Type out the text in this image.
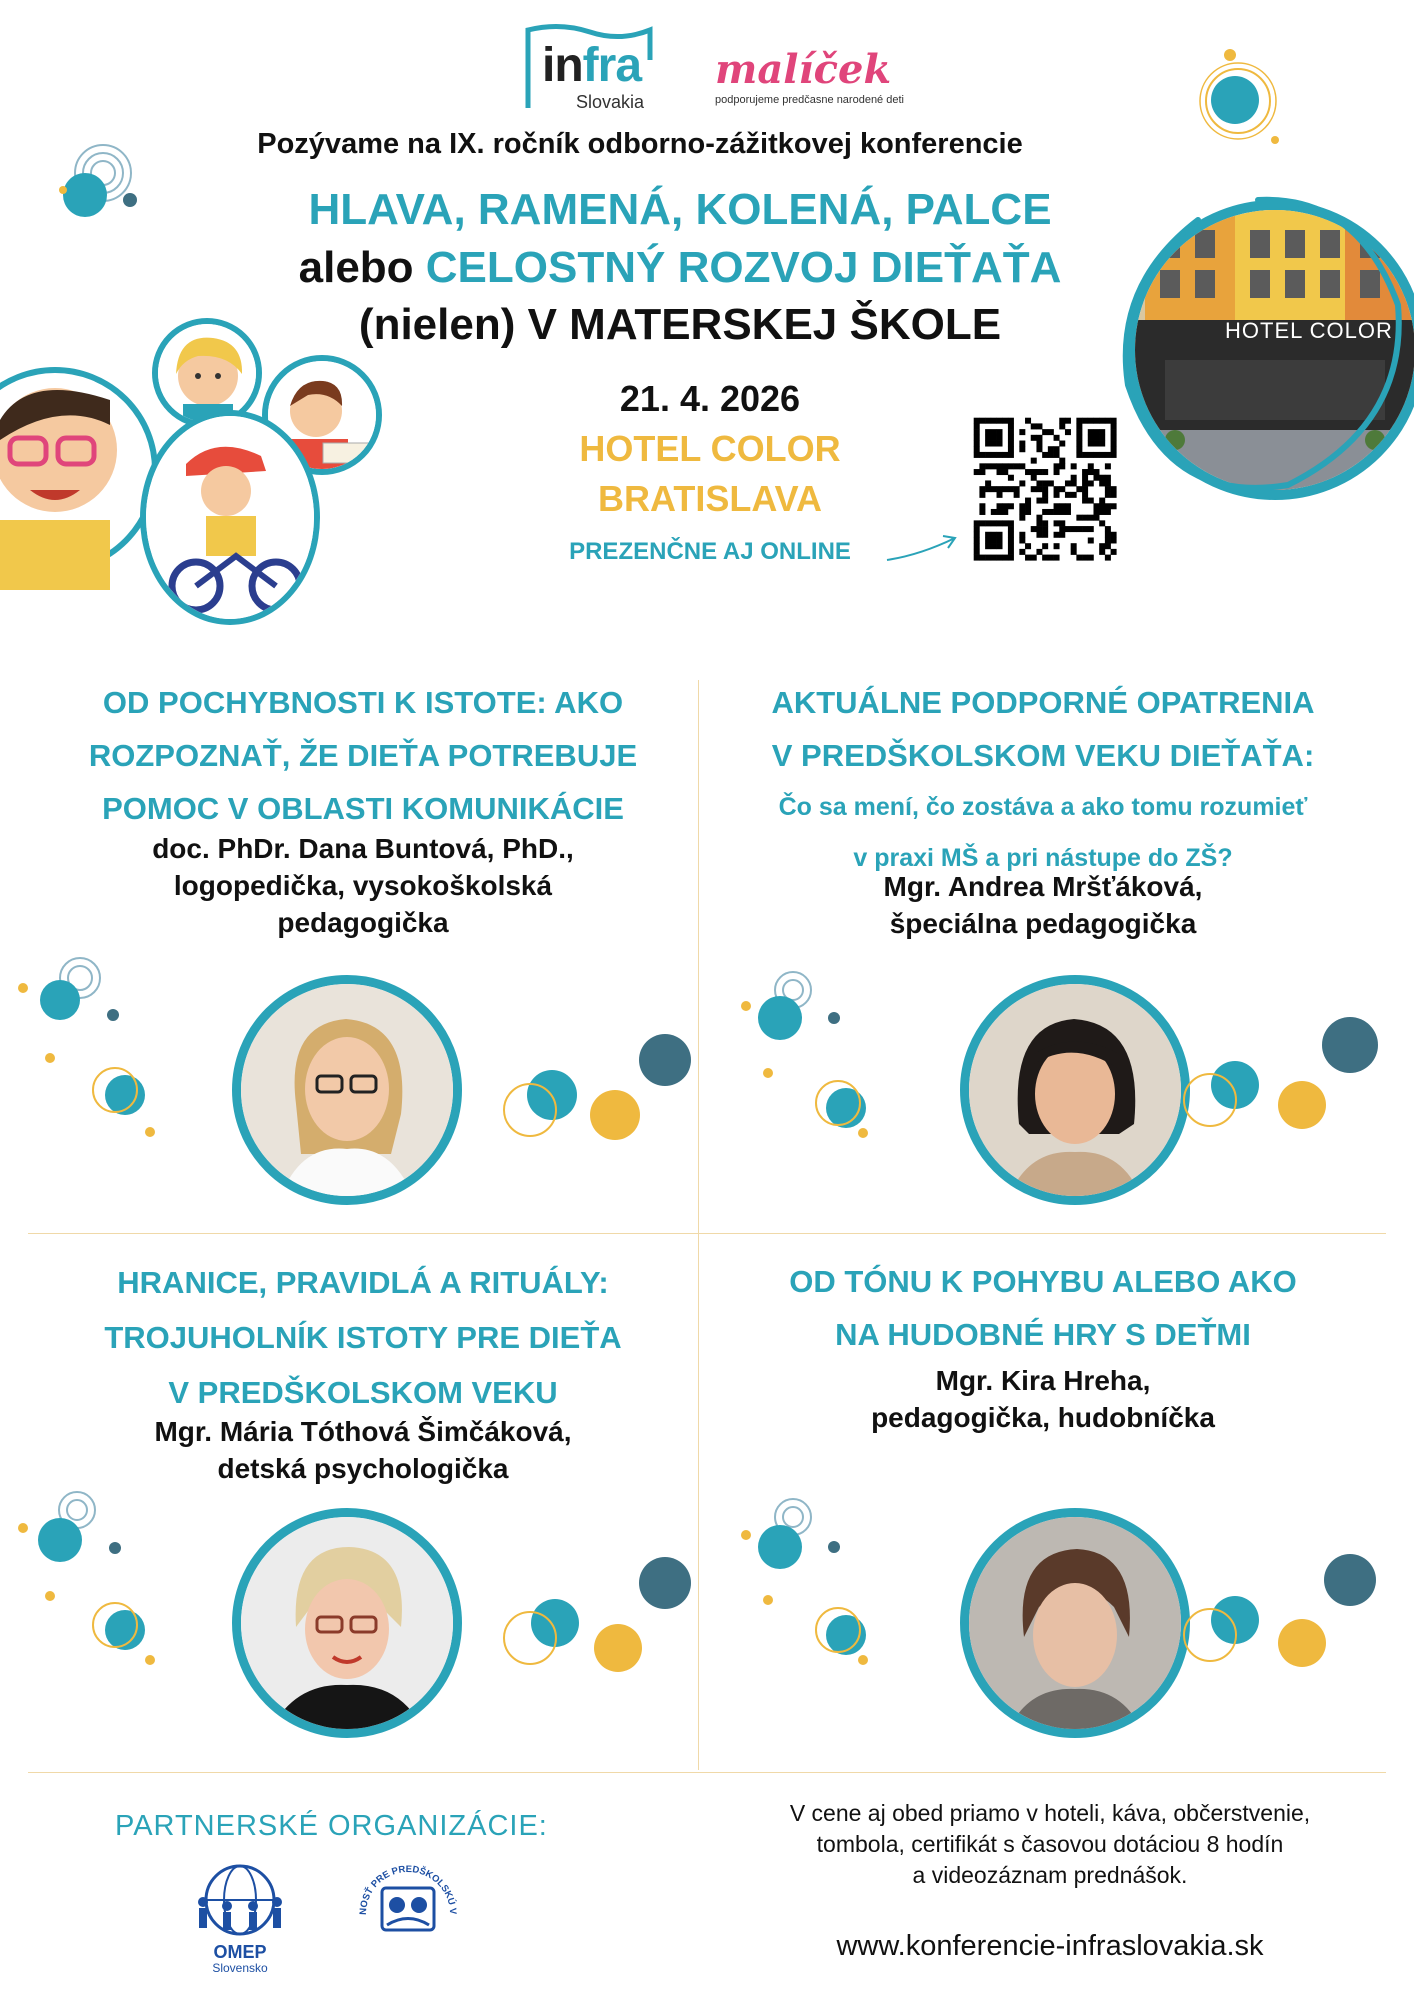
infra
Slovakia
malíček
podporujeme predčasne narodené deti
Pozývame na IX. ročník odborno-zážitkovej konferencie
HLAVA, RAMENÁ, KOLENÁ, PALCE
alebo CELOSTNÝ ROZVOJ DIEŤAŤA
(nielen) V MATERSKEJ ŠKOLE
21. 4. 2026
HOTEL COLOR
BRATISLAVA
PREZENČNE AJ ONLINE
HOTEL COLOR
OD POCHYBNOSTI K ISTOTE: AKO
ROZPOZNAŤ, ŽE DIEŤA POTREBUJE
POMOC V OBLASTI KOMUNIKÁCIE
doc. PhDr. Dana Buntová, PhD.,
logopedička, vysokoškolská
pedagogička
AKTUÁLNE PODPORNÉ OPATRENIA
V PREDŠKOLSKOM VEKU DIEŤAŤA:
Čo sa mení, čo zostáva a ako tomu rozumieť
v praxi MŠ a pri nástupe do ZŠ?
Mgr. Andrea Mršťáková,
špeciálna pedagogička
HRANICE, PRAVIDLÁ A RITUÁLY:
TROJUHOLNÍK ISTOTY PRE DIEŤA
V PREDŠKOLSKOM VEKU
Mgr. Mária Tóthová Šimčáková,
detská psychologička
OD TÓNU K POHYBU ALEBO AKO
NA HUDOBNÉ HRY S DEŤMI
Mgr. Kira Hreha,
pedagogička, hudobníčka
PARTNERSKÉ ORGANIZÁCIE:
OMEP
Slovensko
NOSŤ PRE PREDŠKOLSKÚ V
V cene aj obed priamo v hoteli, káva, občerstvenie,
tombola, certifikát s časovou dotáciou 8 hodín
a videozáznam prednášok.
www.konferencie-infraslovakia.sk
